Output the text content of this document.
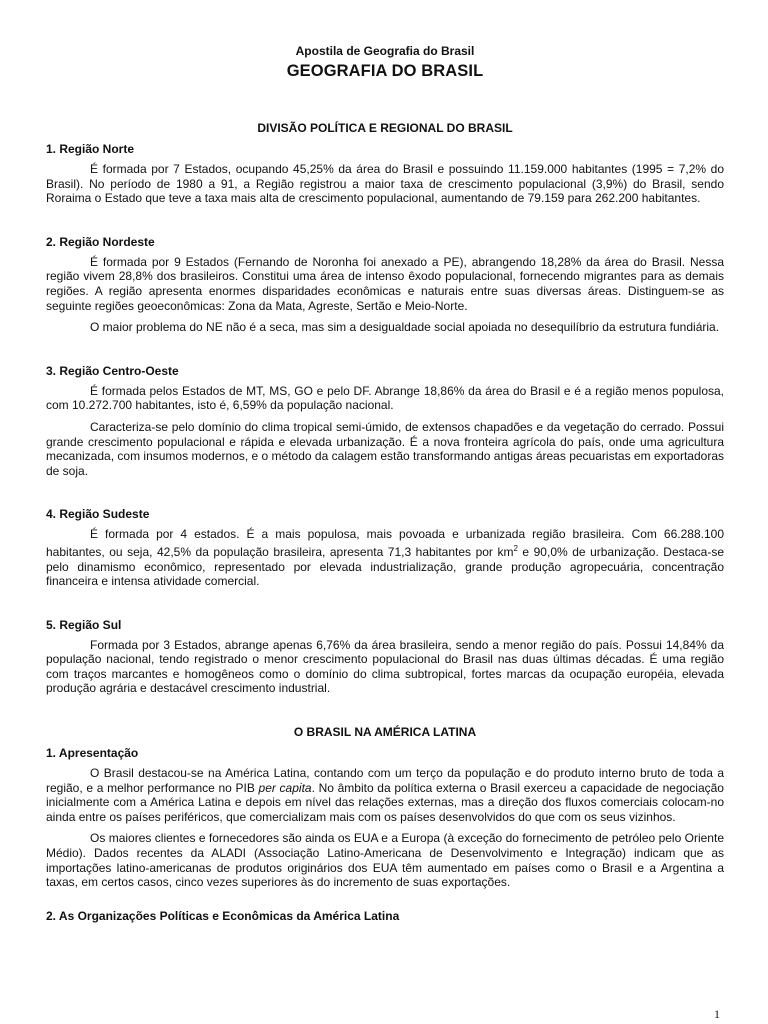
Apostila de Geografia do Brasil
GEOGRAFIA DO BRASIL
DIVISÃO POLÍTICA E REGIONAL DO BRASIL
1. Região Norte

É formada por 7 Estados, ocupando 45,25% da área do Brasil e possuindo 11.159.000 habitantes (1995 = 7,2% do Brasil). No período de 1980 a 91, a Região registrou a maior taxa de crescimento populacional (3,9%) do Brasil, sendo Roraima o Estado que teve a taxa mais alta de crescimento populacional, aumentando de 79.159 para 262.200 habitantes.

2. Região Nordeste

É formada por 9 Estados (Fernando de Noronha foi anexado a PE), abrangendo 18,28% da área do Brasil. Nessa região vivem 28,8% dos brasileiros. Constitui uma área de intenso êxodo populacional, fornecendo migrantes para as demais regiões. A região apresenta enormes disparidades econômicas e naturais entre suas diversas áreas. Distinguem-se as seguinte regiões geoeconômicas: Zona da Mata, Agreste, Sertão e Meio-Norte.

O maior problema do NE não é a seca, mas sim a desigualdade social apoiada no desequilíbrio da estrutura fundiária.

3. Região Centro-Oeste

É formada pelos Estados de MT, MS, GO e pelo DF. Abrange 18,86% da área do Brasil e é a região menos populosa, com 10.272.700 habitantes, isto é, 6,59% da população nacional.

Caracteriza-se pelo domínio do clima tropical semi-úmido, de extensos chapadões e da vegetação do cerrado. Possui grande crescimento populacional e rápida e elevada urbanização. É a nova fronteira agrícola do país, onde uma agricultura mecanizada, com insumos modernos, e o método da calagem estão transformando antigas áreas pecuaristas em exportadoras de soja.

4. Região Sudeste

É formada por 4 estados. É a mais populosa, mais povoada e urbanizada região brasileira. Com 66.288.100 habitantes, ou seja, 42,5% da população brasileira, apresenta 71,3 habitantes por $km^2$ e 90,0% de urbanização. Destaca-se pelo dinamismo econômico, representado por elevada industrialização, grande produção agropecuária, concentração financeira e intensa atividade comercial.

5. Região Sul

Formada por 3 Estados, abrange apenas 6,76% da área brasileira, sendo a menor região do país. Possui 14,84% da população nacional, tendo registrado o menor crescimento populacional do Brasil nas duas últimas décadas. É uma região com traços marcantes e homogêneos como o domínio do clima subtropical, fortes marcas da ocupação européia, elevada produção agrária e destacável crescimento industrial.

O BRASIL NA AMÉRICA LATINA
1. Apresentação

O Brasil destacou-se na América Latina, contando com um terço da população e do produto interno bruto de toda a região, e a melhor performance no PIB per capita. No âmbito da política externa o Brasil exerceu a capacidade de negociação inicialmente com a América Latina e depois em nível das relações externas, mas a direção dos fluxos comerciais colocam-no ainda entre os países periféricos, que comercializam mais com os países desenvolvidos do que com os seus vizinhos.

Os maiores clientes e fornecedores são ainda os EUA e a Europa (à exceção do fornecimento de petróleo pelo Oriente Médio). Dados recentes da ALADI (Associação Latino-Americana de Desenvolvimento e Integração) indicam que as importações latino-americanas de produtos originários dos EUA têm aumentado em países como o Brasil e a Argentina a taxas, em certos casos, cinco vezes superiores às do incremento de suas exportações.

2. As Organizações Políticas e Econômicas da América Latina
1
